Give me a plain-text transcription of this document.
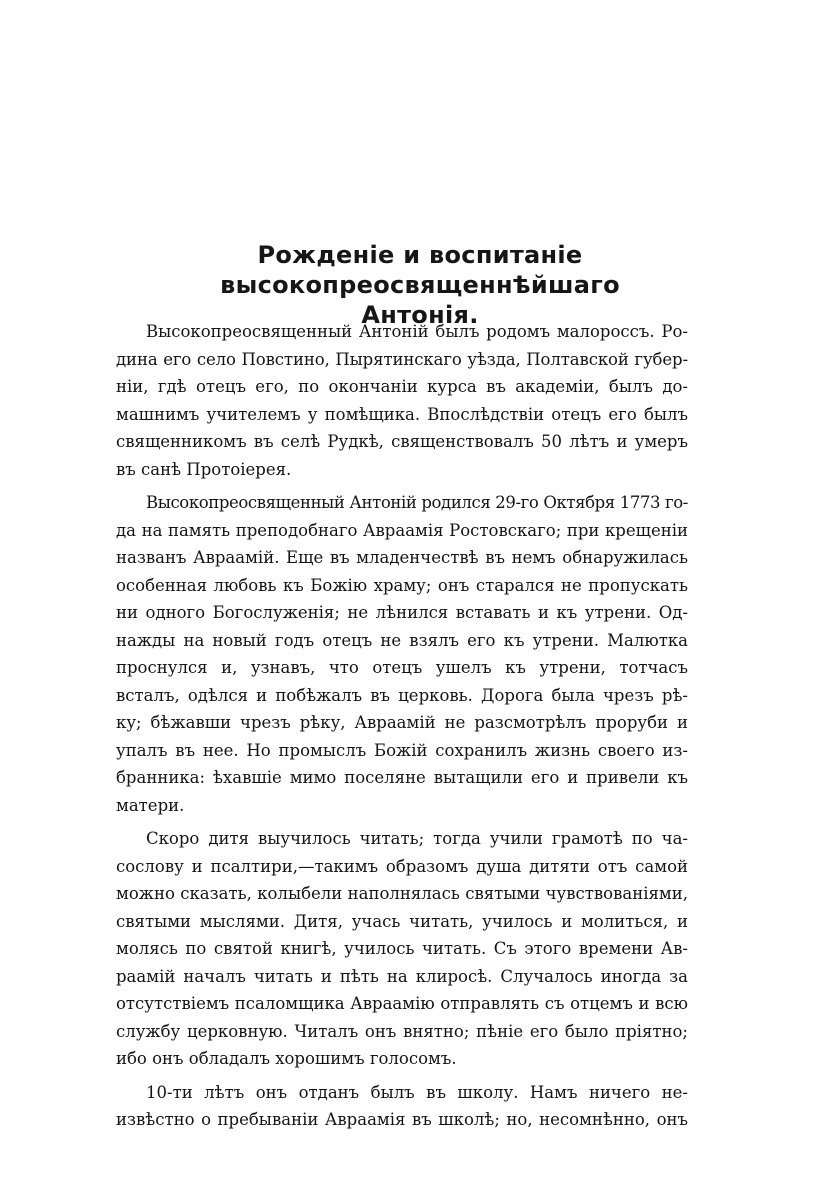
Рожденіе и воспитаніе высокопреосвященнѣйшаго
Антонія.
Высокопреосвященный Антоній былъ родомъ малороссъ. Ро-
дина его село Повстино, Пырятинскаго уѣзда, Полтавской губер-
ніи, гдѣ отецъ его, по окончаніи курса въ академіи, былъ до-
машнимъ учителемъ у помѣщика. Впослѣдствіи отецъ его былъ
священникомъ въ селѣ Рудкѣ, священствовалъ 50 лѣтъ и умеръ
въ санѣ Протоіерея.
Высокопреосвященный Антоній родился 29-го Октября 1773 го-
да на память преподобнаго Авраамія Ростовскаго; при крещеніи
названъ Авраамій. Еще въ младенчествѣ въ немъ обнаружилась
особенная любовь къ Божію храму; онъ старался не пропускать
ни одного Богослуженія; не лѣнился вставать и къ утрени. Од-
нажды на новый годъ отецъ не взялъ его къ утрени. Малютка
проснулся и, узнавъ, что отецъ ушелъ къ утрени, тотчасъ
всталъ, одѣлся и побѣжалъ въ церковь. Дорога была чрезъ рѣ-
ку; бѣжавши чрезъ рѣку, Авраамій не разсмотрѣлъ проруби и
упалъ въ нее. Но промыслъ Божій сохранилъ жизнь своего из-
бранника: ѣхавшіе мимо поселяне вытащили его и привели къ
матери.
Скоро дитя выучилось читать; тогда учили грамотѣ по ча-
сослову и псалтири,—такимъ образомъ душа дитяти отъ самой
можно сказать, колыбели наполнялась святыми чувствованіями,
святыми мыслями. Дитя, учась читать, училось и молиться, и
молясь по святой книгѣ, училось читать. Съ этого времени Ав-
раамій началъ читать и пѣть на клиросѣ. Случалось иногда за
отсутствіемъ псаломщика Авраамію отправлять съ отцемъ и всю
службу церковную. Читалъ онъ внятно; пѣніе его было пріятно;
ибо онъ обладалъ хорошимъ голосомъ.
10-ти лѣтъ онъ отданъ былъ въ школу. Намъ ничего не-
извѣстно о пребываніи Авраамія въ школѣ; но, несомнѣнно, онъ
